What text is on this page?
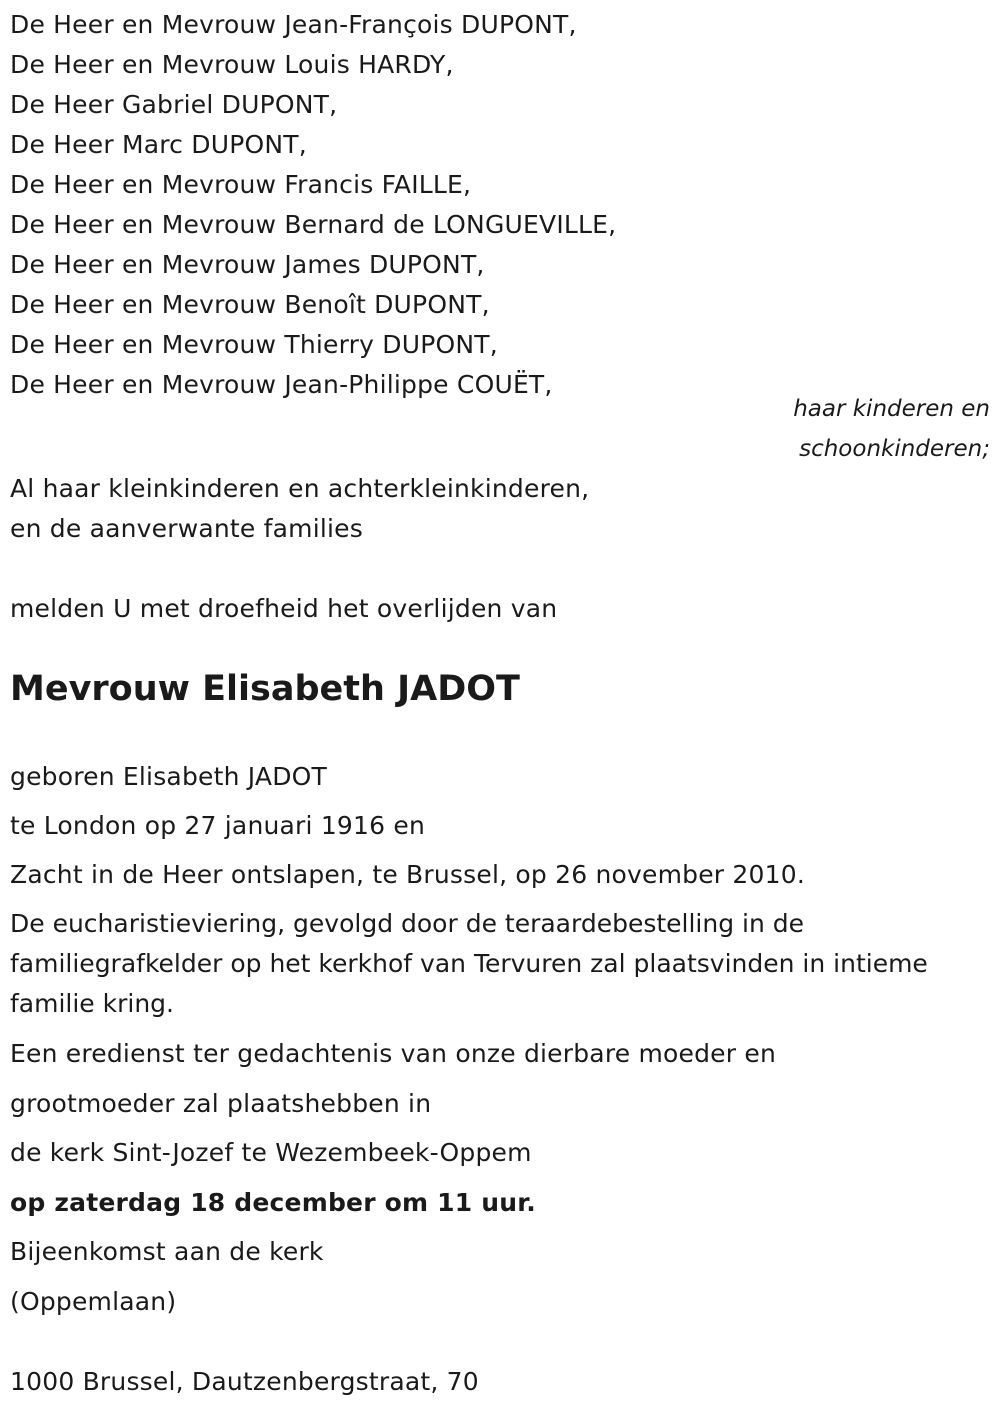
De Heer en Mevrouw Jean-François DUPONT,
De Heer en Mevrouw Louis HARDY,
De Heer Gabriel DUPONT,
De Heer Marc DUPONT,
De Heer en Mevrouw Francis FAILLE,
De Heer en Mevrouw Bernard de LONGUEVILLE,
De Heer en Mevrouw James DUPONT,
De Heer en Mevrouw Benoît DUPONT,
De Heer en Mevrouw Thierry DUPONT,
De Heer en Mevrouw Jean-Philippe COUËT,
haar kinderen en
schoonkinderen;
Al haar kleinkinderen en achterkleinkinderen,
en de aanverwante families
melden U met droefheid het overlijden van
Mevrouw Elisabeth JADOT
geboren Elisabeth JADOT
te London op 27 januari 1916 en
Zacht in de Heer ontslapen, te Brussel, op 26 november 2010.
De eucharistieviering, gevolgd door de teraardebestelling in de familiegrafkelder op het kerkhof van Tervuren zal plaatsvinden in intieme familie kring.
Een eredienst ter gedachtenis van onze dierbare moeder en
grootmoeder zal plaatshebben in
de kerk Sint-Jozef te Wezembeek-Oppem
op zaterdag 18 december om 11 uur.
Bijeenkomst aan de kerk
(Oppemlaan)
1000 Brussel, Dautzenbergstraat, 70
